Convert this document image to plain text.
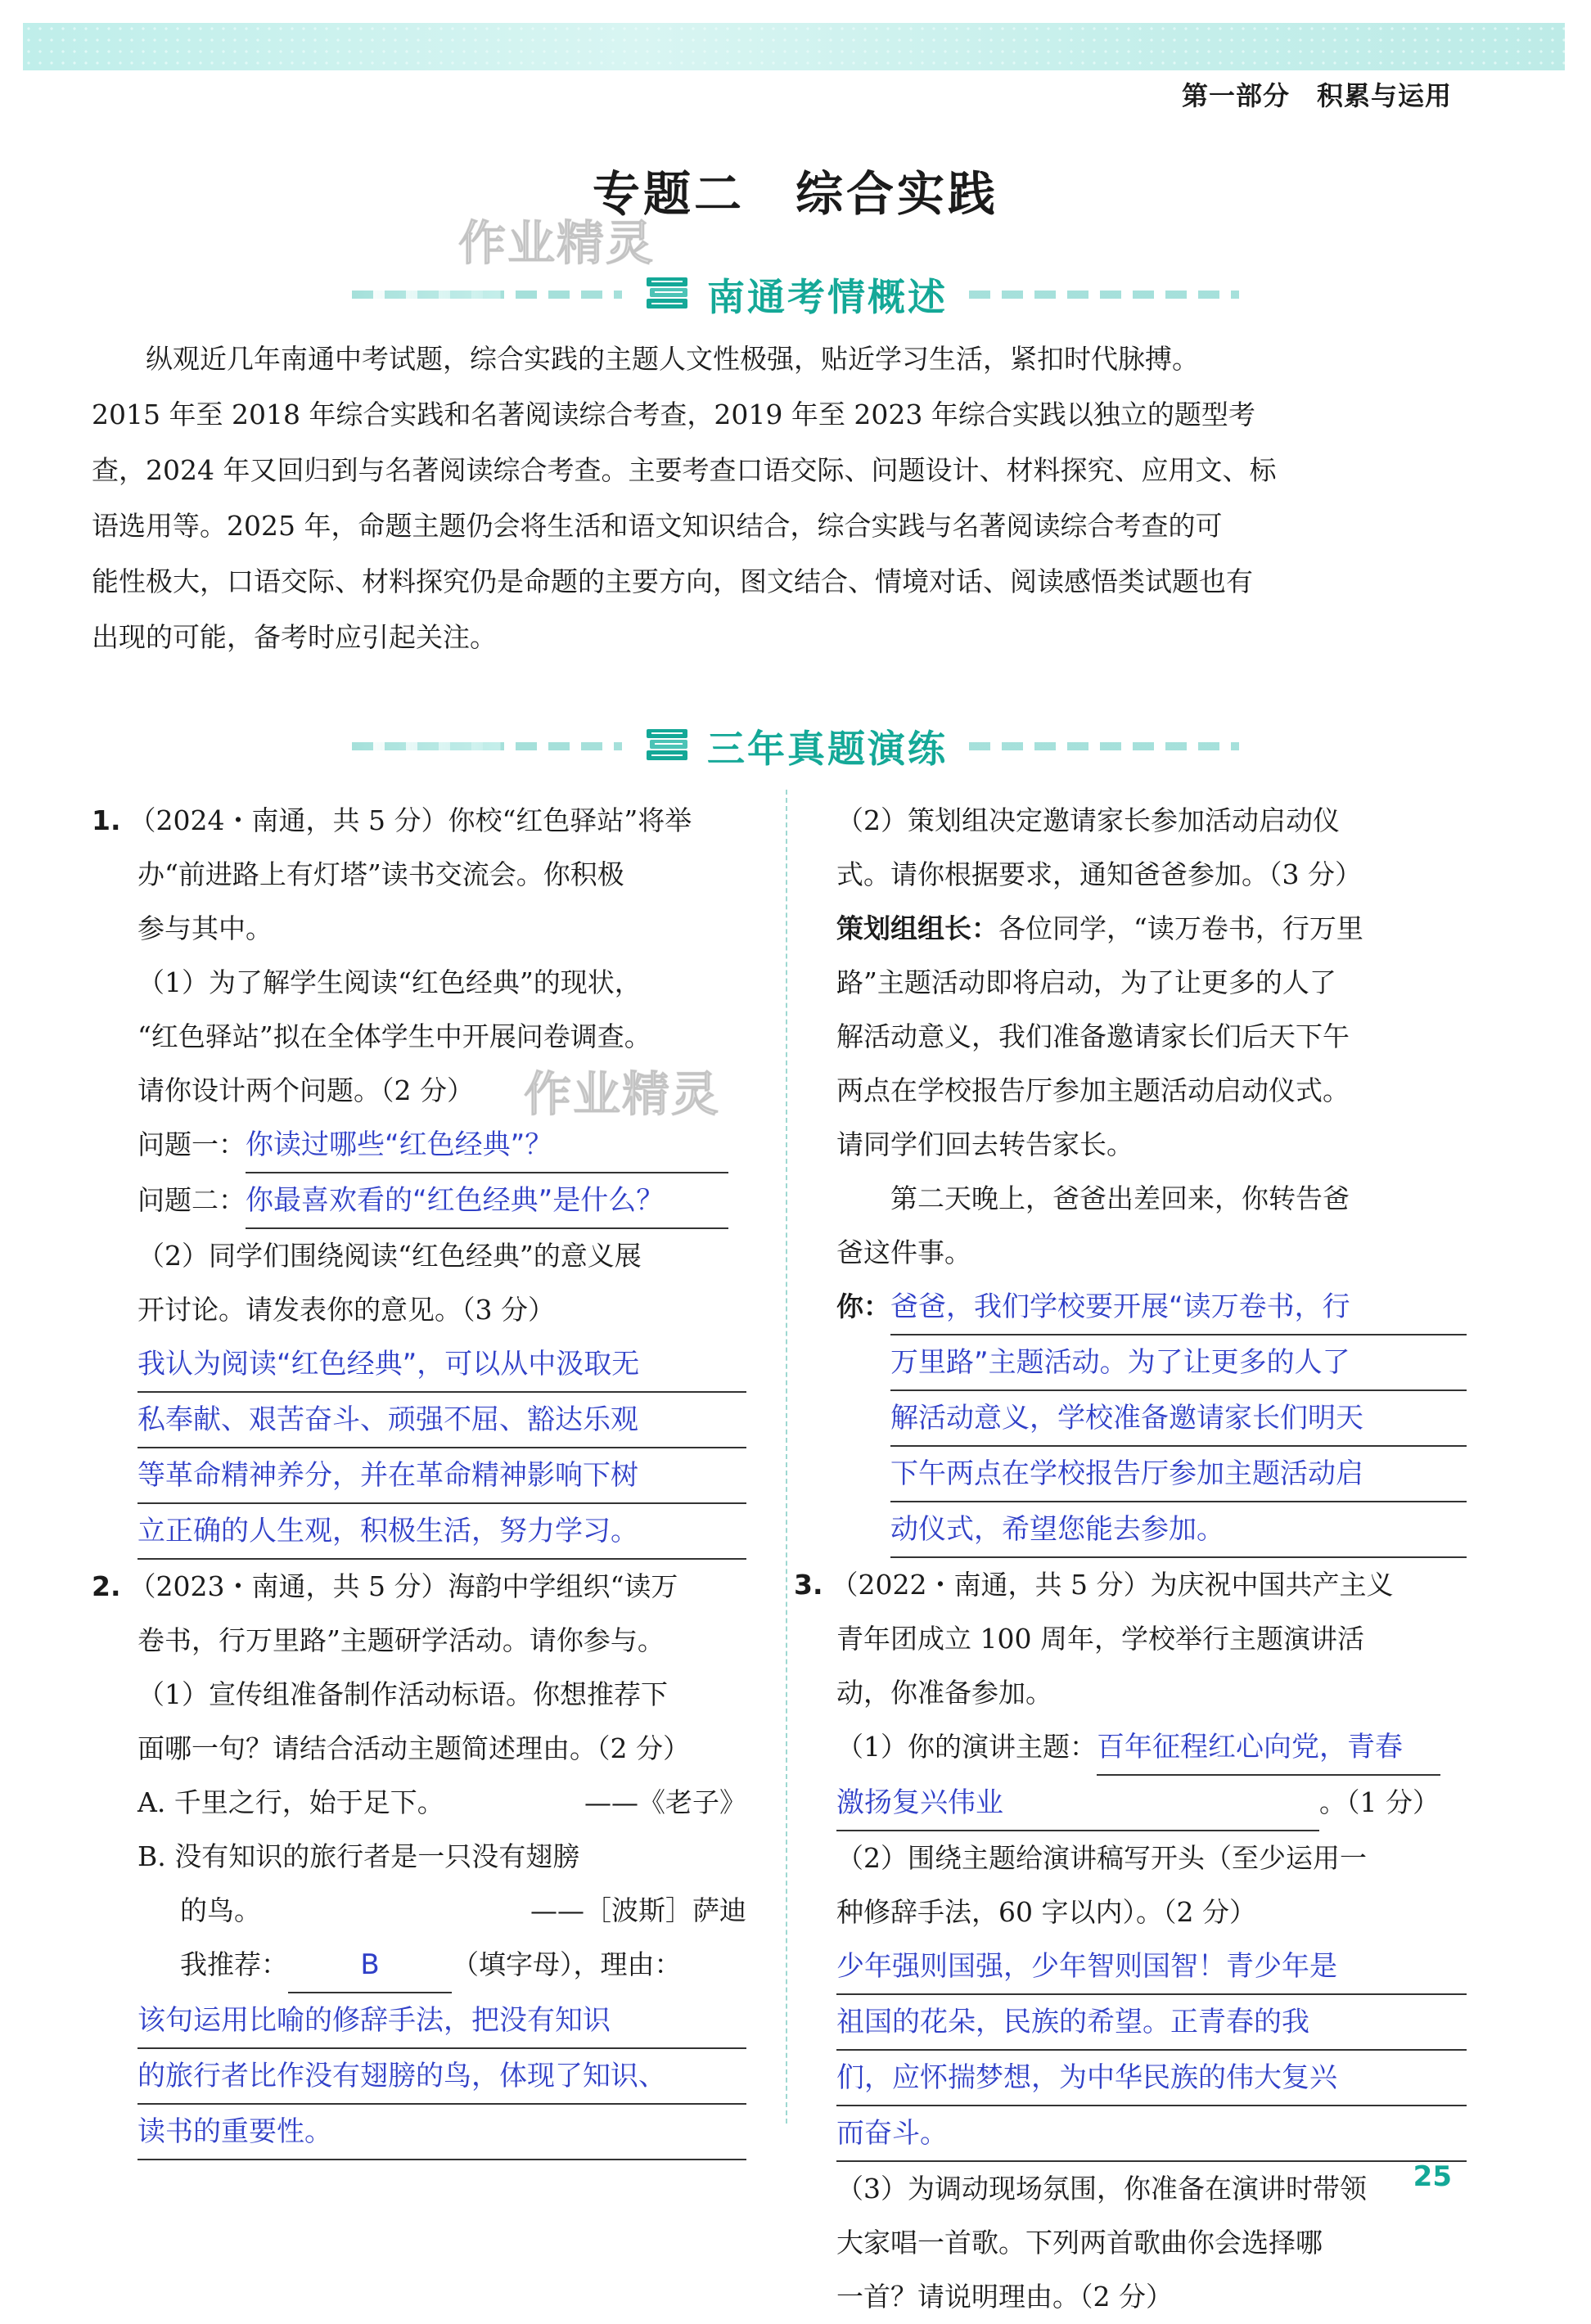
第一部分　积累与运用
专题二　综合实践
作业精灵
南通考情概述
纵观近几年南通中考试题，综合实践的主题人文性极强，贴近学习生活，紧扣时代脉搏。
2015 年至 2018 年综合实践和名著阅读综合考查，2019 年至 2023 年综合实践以独立的题型考
查，2024 年又回归到与名著阅读综合考查。主要考查口语交际、问题设计、材料探究、应用文、标
语选用等。2025 年，命题主题仍会将生活和语文知识结合，综合实践与名著阅读综合考查的可
能性极大，口语交际、材料探究仍是命题的主要方向，图文结合、情境对话、阅读感悟类试题也有
出现的可能，备考时应引起关注。
三年真题演练
1. （2024・南通，共 5 分）你校“红色驿站”将举
办“前进路上有灯塔”读书交流会。你积极
参与其中。
（1）为了解学生阅读“红色经典”的现状，
“红色驿站”拟在全体学生中开展问卷调查。
请你设计两个问题。（2 分）
问题一：你读过哪些“红色经典”？
问题二：你最喜欢看的“红色经典”是什么？
（2）同学们围绕阅读“红色经典”的意义展
开讨论。请发表你的意见。（3 分）
我认为阅读“红色经典”，可以从中汲取无
私奉献、艰苦奋斗、顽强不屈、豁达乐观
等革命精神养分，并在革命精神影响下树
立正确的人生观，积极生活，努力学习。
2. （2023・南通，共 5 分）海韵中学组织“读万
卷书，行万里路”主题研学活动。请你参与。
（1）宣传组准备制作活动标语。你想推荐下
面哪一句？请结合活动主题简述理由。（2 分）
A. 千里之行，始于足下。	——《老子》
B. 没有知识的旅行者是一只没有翅膀
的鸟。	——［波斯］萨迪
我推荐：	B	（填字母），理由：
该句运用比喻的修辞手法，把没有知识
的旅行者比作没有翅膀的鸟，体现了知识、
读书的重要性。
（2）策划组决定邀请家长参加活动启动仪
式。请你根据要求，通知爸爸参加。（3 分）
策划组组长：各位同学，“读万卷书，行万里
路”主题活动即将启动，为了让更多的人了
解活动意义，我们准备邀请家长们后天下午
两点在学校报告厅参加主题活动启动仪式。
请同学们回去转告家长。
第二天晚上，爸爸出差回来，你转告爸
爸这件事。
你： 爸爸，我们学校要开展“读万卷书，行
万里路”主题活动。为了让更多的人了
解活动意义，学校准备邀请家长们明天
下午两点在学校报告厅参加主题活动启
动仪式，希望您能去参加。
3. （2022・南通，共 5 分）为庆祝中国共产主义
青年团成立 100 周年，学校举行主题演讲活
动，你准备参加。
（1）你的演讲主题：百年征程红心向党，青春
激扬复兴伟业	。（1 分）
（2）围绕主题给演讲稿写开头（至少运用一
种修辞手法，60 字以内）。（2 分）
少年强则国强，少年智则国智！青少年是
祖国的花朵，民族的希望。正青春的我
们，应怀揣梦想，为中华民族的伟大复兴
而奋斗。
（3）为调动现场氛围，你准备在演讲时带领
大家唱一首歌。下列两首歌曲你会选择哪
一首？请说明理由。（2 分）
作业精灵
25
